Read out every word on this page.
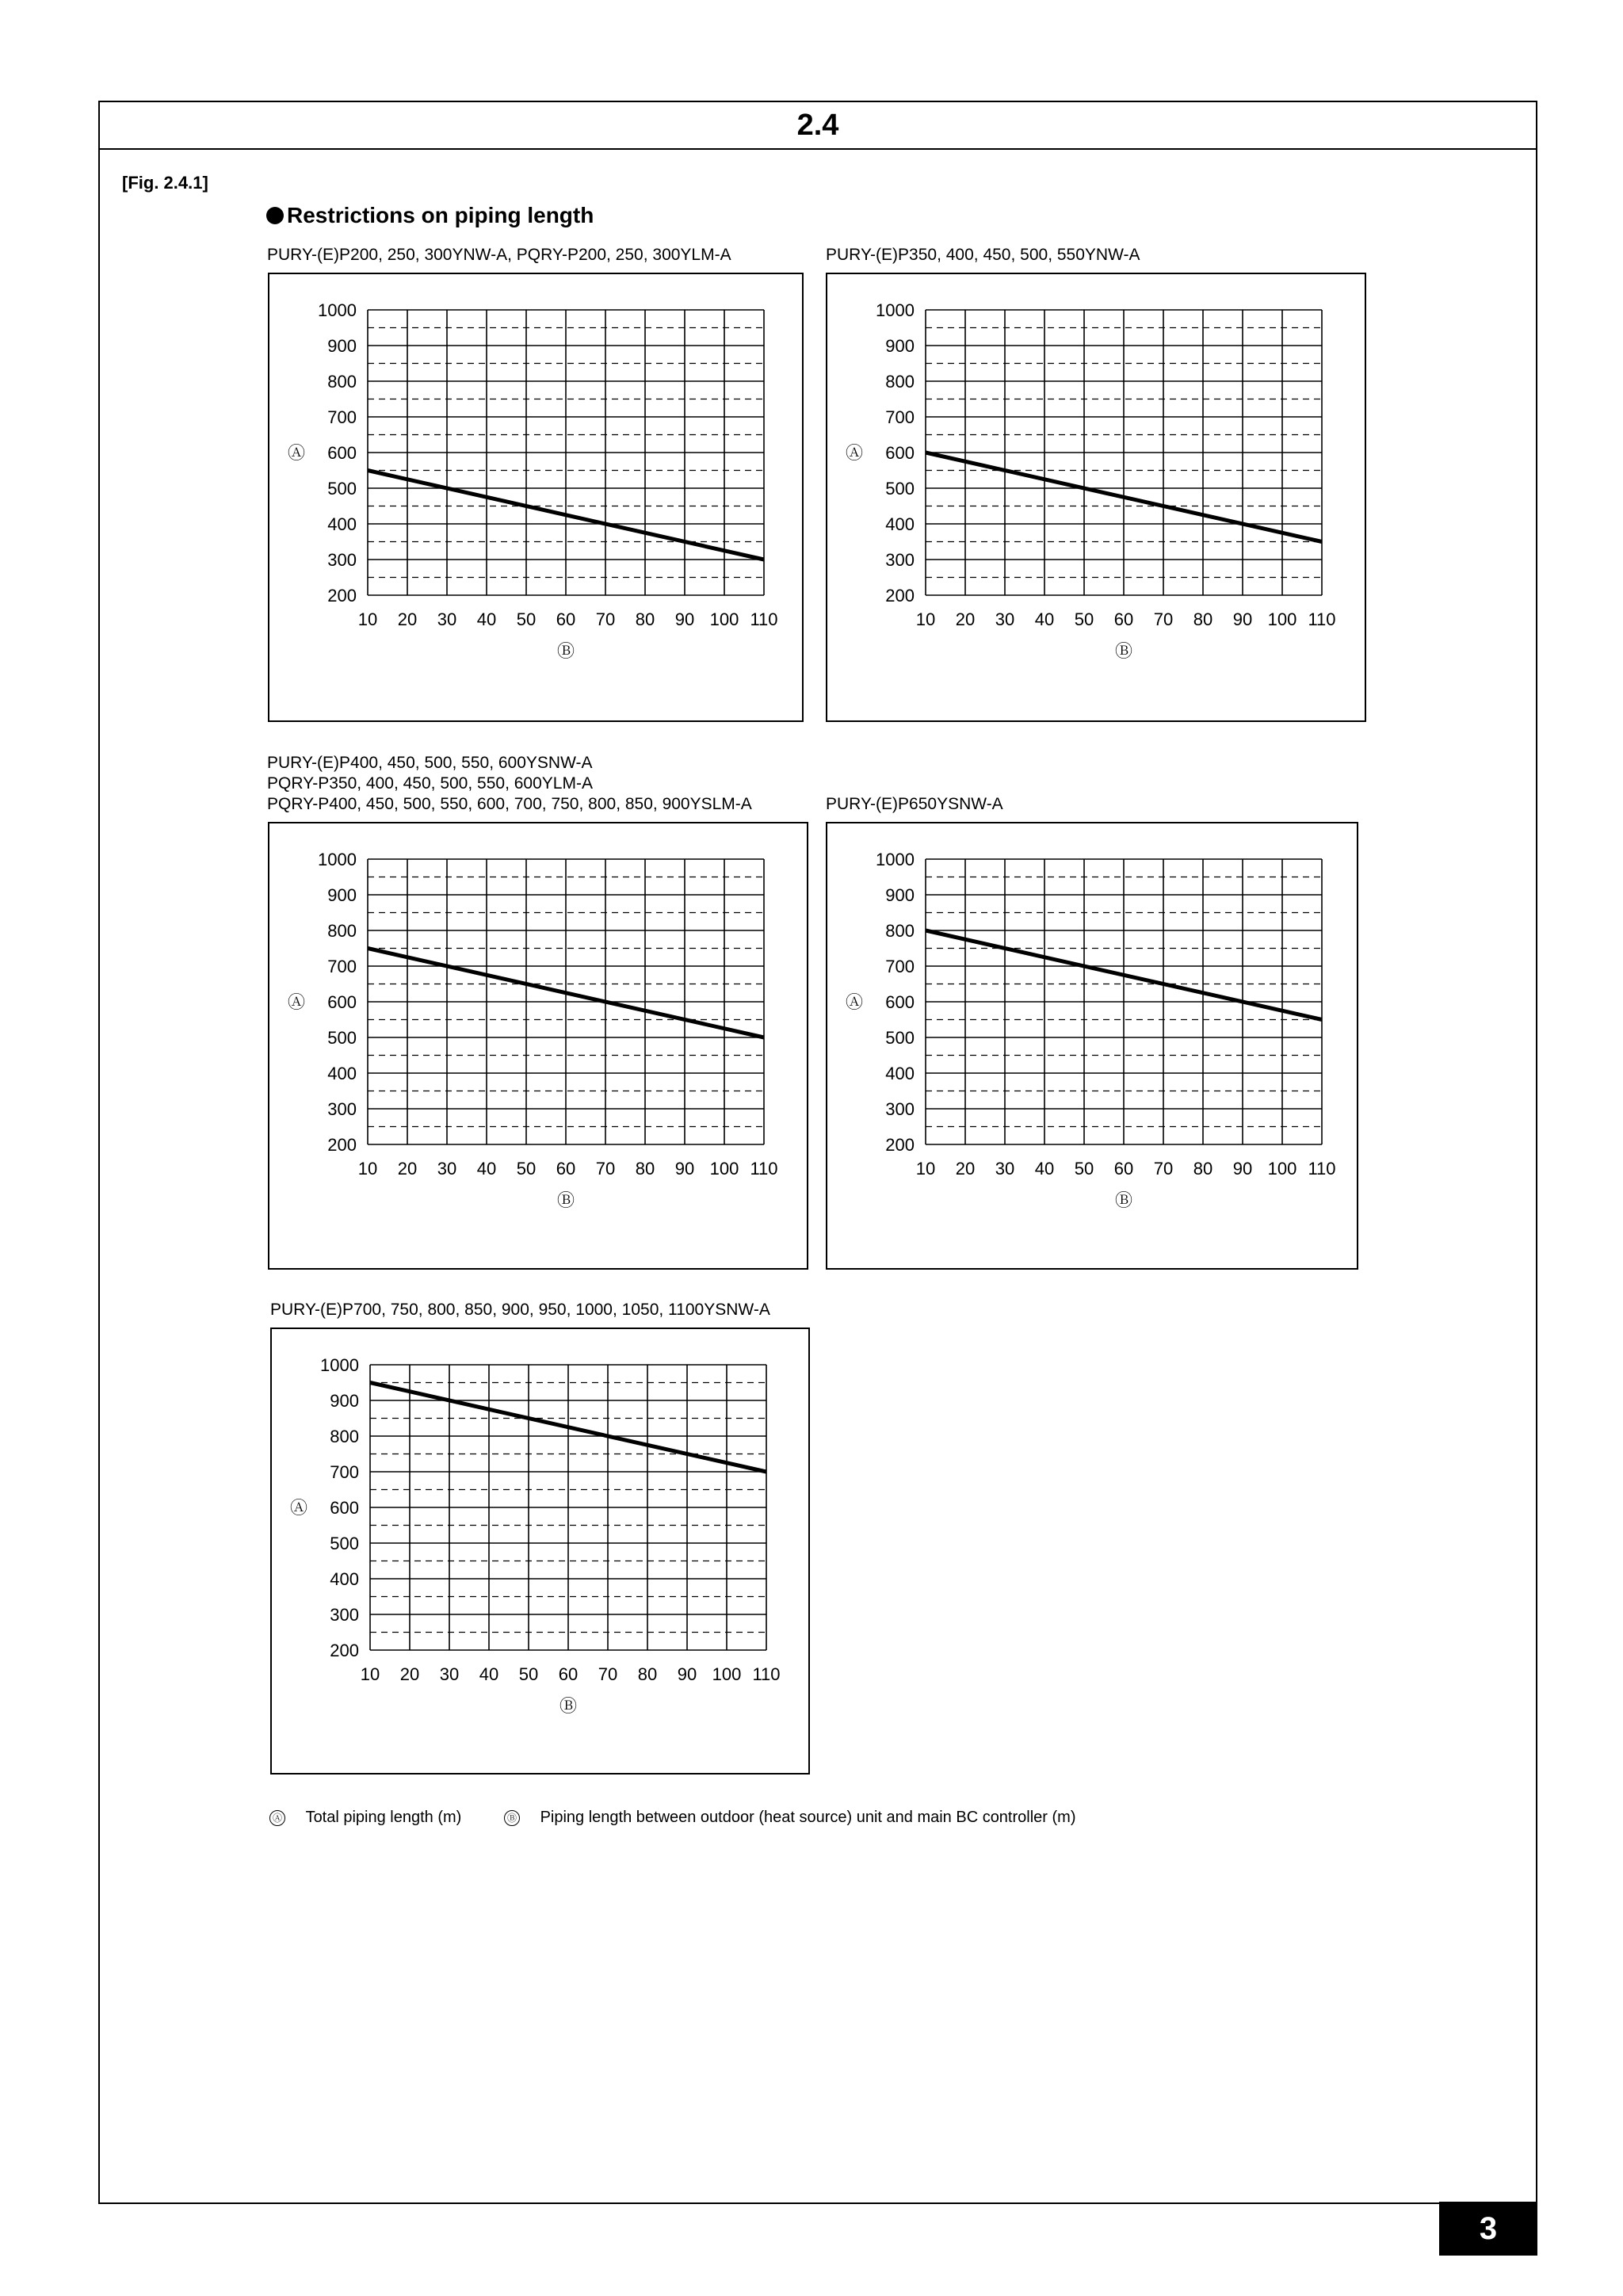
2.4
[Fig. 2.4.1]
Restrictions on piping length
PURY-(E)P200, 250, 300YNW-A, PQRY-P200, 250, 300YLM-A
200
300
400
500
600
700
800
900
1000
10 20 30 40 50 60 70 80 90 100 110
Ⓐ
Ⓑ
PURY-(E)P350, 400, 450, 500, 550YNW-A
200
300
400
500
600
700
800
900
1000
10 20 30 40 50 60 70 80 90 100 110
Ⓐ
Ⓑ
PURY-(E)P400, 450, 500, 550, 600YSNW-A
PQRY-P350, 400, 450, 500, 550, 600YLM-A
PQRY-P400, 450, 500, 550, 600, 700, 750, 800, 850, 900YSLM-A
200
300
400
500
600
700
800
900
1000
10 20 30 40 50 60 70 80 90 100 110
Ⓐ
Ⓑ
PURY-(E)P650YSNW-A
200
300
400
500
600
700
800
900
1000
10 20 30 40 50 60 70 80 90 100 110
Ⓐ
Ⓑ
PURY-(E)P700, 750, 800, 850, 900, 950, 1000, 1050, 1100YSNW-A
200
300
400
500
600
700
800
900
1000
10 20 30 40 50 60 70 80 90 100 110
Ⓐ
Ⓑ
Ⓐ Total piping length (m)	Ⓑ Piping length between outdoor (heat source) unit and main BC controller (m)
3
